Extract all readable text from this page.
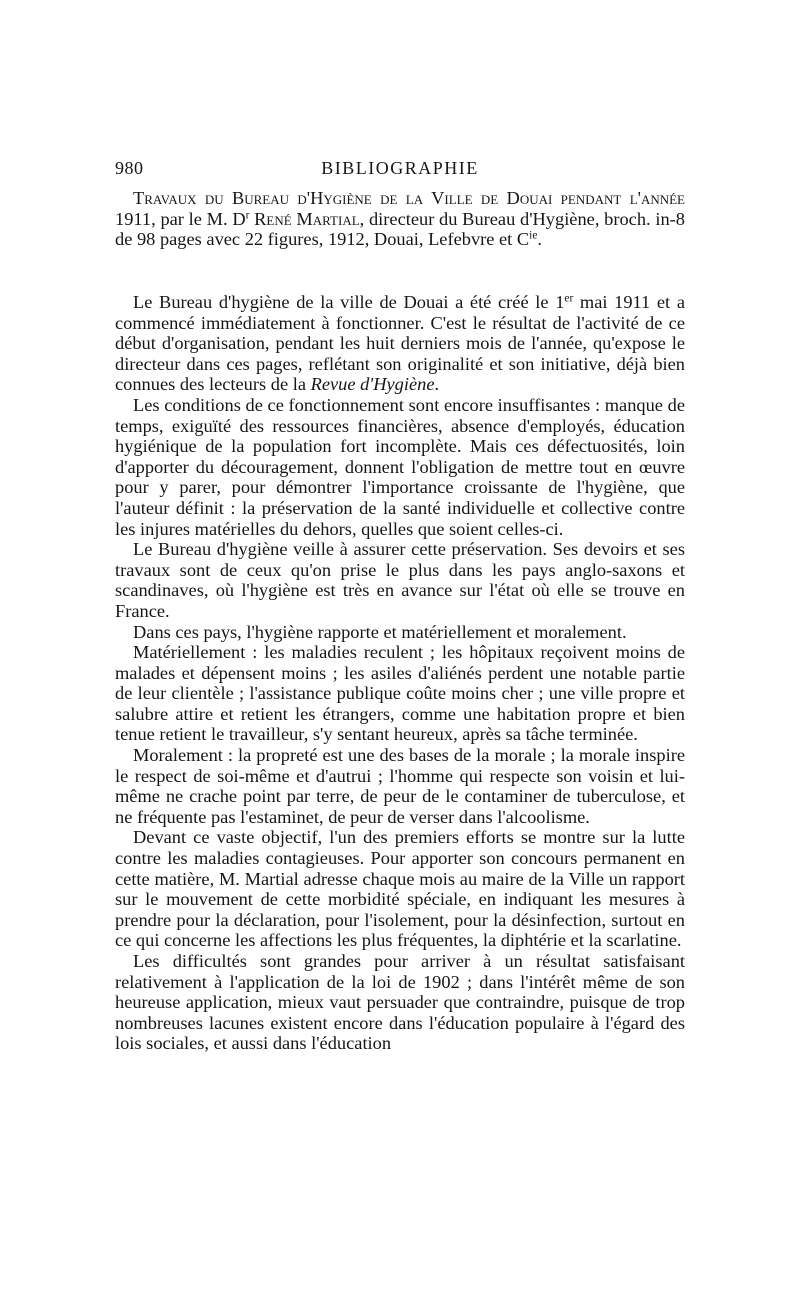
980	BIBLIOGRAPHIE
Travaux du Bureau d'Hygiène de la Ville de Douai pendant l'année 1911, par le M. $D^r$ René Martial, directeur du Bureau d'Hygiène, broch. in-8 de 98 pages avec 22 figures, 1912, Douai, Lefebvre et $C^{ie}$.

Le Bureau d'hygiène de la ville de Douai a été créé le 1er mai 1911 et a commencé immédiatement à fonctionner. C'est le résultat de l'activité de ce début d'organisation, pendant les huit derniers mois de l'année, qu'expose le directeur dans ces pages, reflétant son originalité et son initiative, déjà bien connues des lecteurs de la Revue d'Hygiène.

Les conditions de ce fonctionnement sont encore insuffisantes : manque de temps, exiguïté des ressources financières, absence d'employés, éducation hygiénique de la population fort incomplète. Mais ces défectuosités, loin d'apporter du découragement, donnent l'obligation de mettre tout en œuvre pour y parer, pour démontrer l'importance croissante de l'hygiène, que l'auteur définit : la préservation de la santé individuelle et collective contre les injures matérielles du dehors, quelles que soient celles-ci.

Le Bureau d'hygiène veille à assurer cette préservation. Ses devoirs et ses travaux sont de ceux qu'on prise le plus dans les pays anglo-saxons et scandinaves, où l'hygiène est très en avance sur l'état où elle se trouve en France.

Dans ces pays, l'hygiène rapporte et matériellement et moralement.

Matériellement : les maladies reculent ; les hôpitaux reçoivent moins de malades et dépensent moins ; les asiles d'aliénés perdent une notable partie de leur clientèle ; l'assistance publique coûte moins cher ; une ville propre et salubre attire et retient les étrangers, comme une habitation propre et bien tenue retient le travailleur, s'y sentant heureux, après sa tâche terminée.

Moralement : la propreté est une des bases de la morale ; la morale inspire le respect de soi-même et d'autrui ; l'homme qui respecte son voisin et lui-même ne crache point par terre, de peur de le contaminer de tuberculose, et ne fréquente pas l'estaminet, de peur de verser dans l'alcoolisme.

Devant ce vaste objectif, l'un des premiers efforts se montre sur la lutte contre les maladies contagieuses. Pour apporter son concours permanent en cette matière, M. Martial adresse chaque mois au maire de la Ville un rapport sur le mouvement de cette morbidité spéciale, en indiquant les mesures à prendre pour la déclaration, pour l'isolement, pour la désinfection, surtout en ce qui concerne les affections les plus fréquentes, la diphtérie et la scarlatine.

Les difficultés sont grandes pour arriver à un résultat satisfaisant relativement à l'application de la loi de 1902 ; dans l'intérêt même de son heureuse application, mieux vaut persuader que contraindre, puisque de trop nombreuses lacunes existent encore dans l'éducation populaire à l'égard des lois sociales, et aussi dans l'éducation
